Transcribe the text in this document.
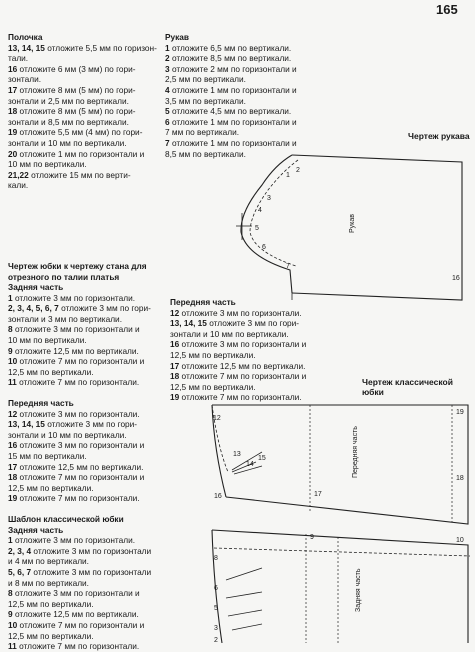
165

Полочка

13, 14, 15 отложите 5,5 мм по горизон-

тали.

16 отложите 6 мм (3 мм) по гори-

зонтали.

17 отложите 8 мм (5 мм) по гори-

зонтали и 2,5 мм по вертикали.

18 отложите 8 мм (5 мм) по гори-

зонтали и 8,5 мм по вертикали.

19 отложите 5,5 мм (4 мм) по гори-

зонтали и 10 мм по вертикали.

20 отложите 1 мм по горизонтали и

10 мм по вертикали.

21,22 отложите 15 мм по верти-

кали.

Чертеж юбки к чертежу стана для

отрезного по талии платья

Задняя часть

1 отложите 3 мм по горизонтали.

2, 3, 4, 5, 6, 7 отложите 3 мм по гори-

зонтали и 3 мм по вертикали.

8 отложите 3 мм по горизонтали и

10 мм по вертикали.

9 отложите 12,5 мм по вертикали.

10 отложите 7 мм по горизонтали и

12,5 мм по вертикали.

11 отложите 7 мм по горизонтали.

Передняя часть

12 отложите 3 мм по горизонтали.

13, 14, 15 отложите 3 мм по гори-

зонтали и 10 мм по вертикали.

16 отложите 3 мм по горизонтали и

15 мм по вертикали.

17 отложите 12,5 мм по вертикали.

18 отложите 7 мм по горизонтали и

12,5 мм по вертикали.

19 отложите 7 мм по горизонтали.

Шаблон классической юбки

Задняя часть

1 отложите 3 мм по горизонтали.

2, 3, 4 отложите 3 мм по горизонтали

и 4 мм по вертикали.

5, 6, 7 отложите 3 мм по горизонтали

и 8 мм по вертикали.

8 отложите 3 мм по горизонтали и

12,5 мм по вертикали.

9 отложите 12,5 мм по вертикали.

10 отложите 7 мм по горизонтали и

12,5 мм по вертикали.

11 отложите 7 мм по горизонтали.

Рукав

1 отложите 6,5 мм по вертикали.

2 отложите 8,5 мм по вертикали.

3 отложите 2 мм по горизонтали и

2,5 мм по вертикали.

4 отложите 1 мм по горизонтали и

3,5 мм по вертикали.

5 отложите 4,5 мм по вертикали.

6 отложите 1 мм по горизонтали и

7 мм по вертикали.

7 отложите 1 мм по горизонтали и

8,5 мм по вертикали.

Передняя часть

12 отложите 3 мм по горизонтали.

13, 14, 15 отложите 3 мм по гори-

зонтали и 10 мм по вертикали.

16 отложите 3 мм по горизонтали и

12,5 мм по вертикали.

17 отложите 12,5 мм по вертикали.

18 отложите 7 мм по горизонтали и

12,5 мм по вертикали.

19 отложите 7 мм по горизонтали.

Чертеж рукава
Чертеж классической юбки
1
2
3
4
5
6
7
16
Рукав
12
13
14
15
16	17
18
19
9	10
8
6
5
3
2
Передняя часть
Задняя часть
